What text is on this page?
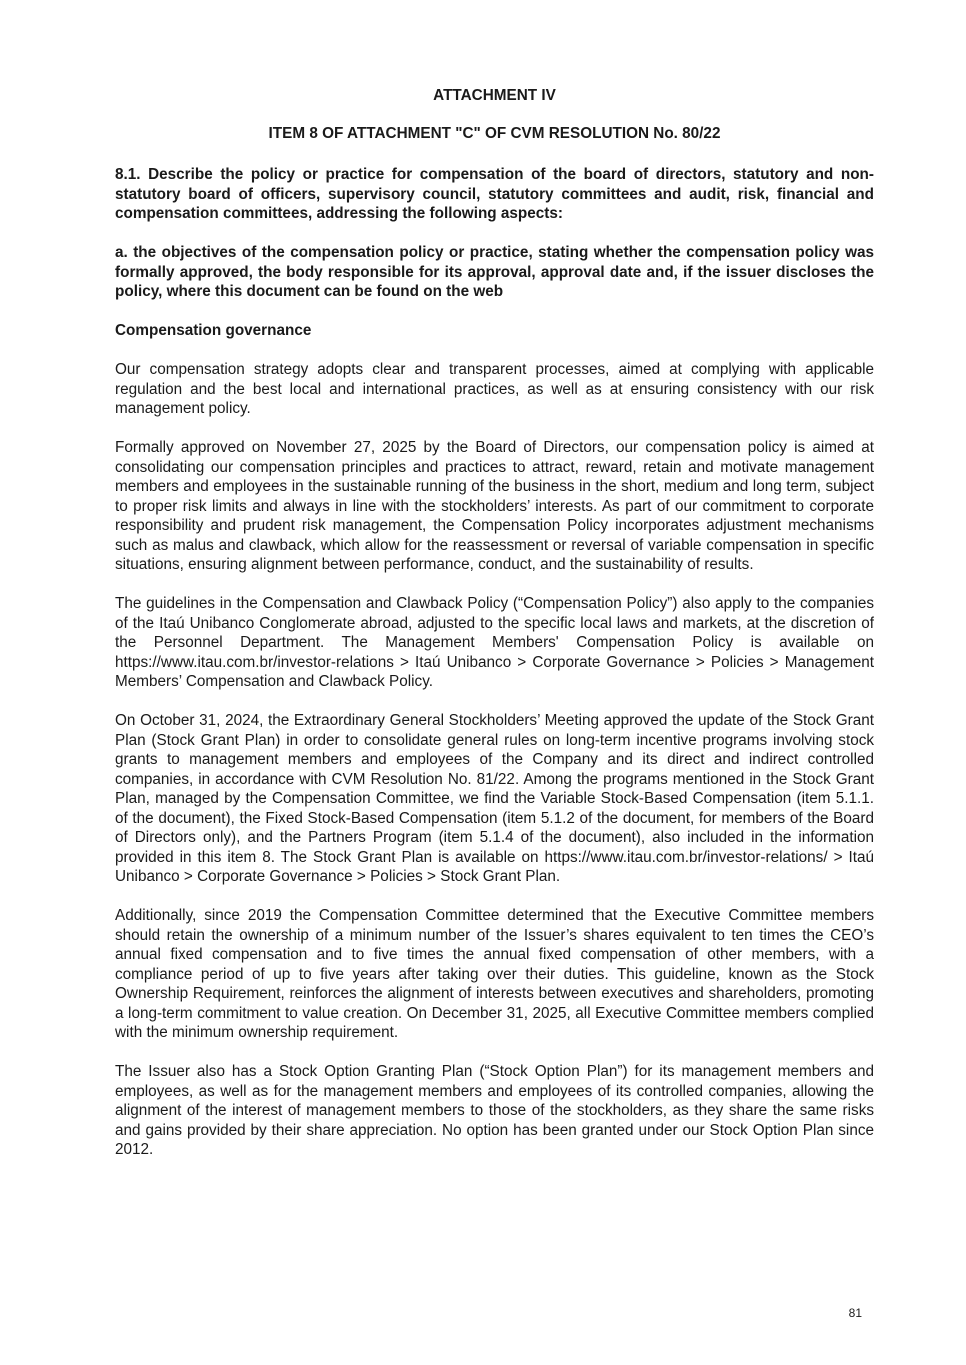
ATTACHMENT IV

ITEM 8 OF ATTACHMENT "C" OF CVM RESOLUTION No. 80/22

8.1. Describe the policy or practice for compensation of the board of directors, statutory and non-statutory board of officers, supervisory council, statutory committees and audit, risk, financial and compensation committees, addressing the following aspects:

a. the objectives of the compensation policy or practice, stating whether the compensation policy was formally approved, the body responsible for its approval, approval date and, if the issuer discloses the policy, where this document can be found on the web

Compensation governance

Our compensation strategy adopts clear and transparent processes, aimed at complying with applicable regulation and the best local and international practices, as well as at ensuring consistency with our risk management policy.

Formally approved on November 27, 2025 by the Board of Directors, our compensation policy is aimed at consolidating our compensation principles and practices to attract, reward, retain and motivate management members and employees in the sustainable running of the business in the short, medium and long term, subject to proper risk limits and always in line with the stockholders’ interests. As part of our commitment to corporate responsibility and prudent risk management, the Compensation Policy incorporates adjustment mechanisms such as malus and clawback, which allow for the reassessment or reversal of variable compensation in specific situations, ensuring alignment between performance, conduct, and the sustainability of results.

The guidelines in the Compensation and Clawback Policy (“Compensation Policy”) also apply to the companies of the Itaú Unibanco Conglomerate abroad, adjusted to the specific local laws and markets, at the discretion of the Personnel Department. The Management Members' Compensation Policy is available on https://www.itau.com.br/investor-relations > Itaú Unibanco > Corporate Governance > Policies > Management Members’ Compensation and Clawback Policy.

On October 31, 2024, the Extraordinary General Stockholders’ Meeting approved the update of the Stock Grant Plan (Stock Grant Plan) in order to consolidate general rules on long-term incentive programs involving stock grants to management members and employees of the Company and its direct and indirect controlled companies, in accordance with CVM Resolution No. 81/22. Among the programs mentioned in the Stock Grant Plan, managed by the Compensation Committee, we find the Variable Stock-Based Compensation (item 5.1.1. of the document), the Fixed Stock-Based Compensation (item 5.1.2 of the document, for members of the Board of Directors only), and the Partners Program (item 5.1.4 of the document), also included in the information provided in this item 8. The Stock Grant Plan is available on https://www.itau.com.br/investor-relations/ > Itaú Unibanco > Corporate Governance > Policies > Stock Grant Plan.

Additionally, since 2019 the Compensation Committee determined that the Executive Committee members should retain the ownership of a minimum number of the Issuer’s shares equivalent to ten times the CEO’s annual fixed compensation and to five times the annual fixed compensation of other members, with a compliance period of up to five years after taking over their duties. This guideline, known as the Stock Ownership Requirement, reinforces the alignment of interests between executives and shareholders, promoting a long-term commitment to value creation. On December 31, 2025, all Executive Committee members complied with the minimum ownership requirement.

The Issuer also has a Stock Option Granting Plan (“Stock Option Plan”) for its management members and employees, as well as for the management members and employees of its controlled companies, allowing the alignment of the interest of management members to those of the stockholders, as they share the same risks and gains provided by their share appreciation. No option has been granted under our Stock Option Plan since 2012.

81
